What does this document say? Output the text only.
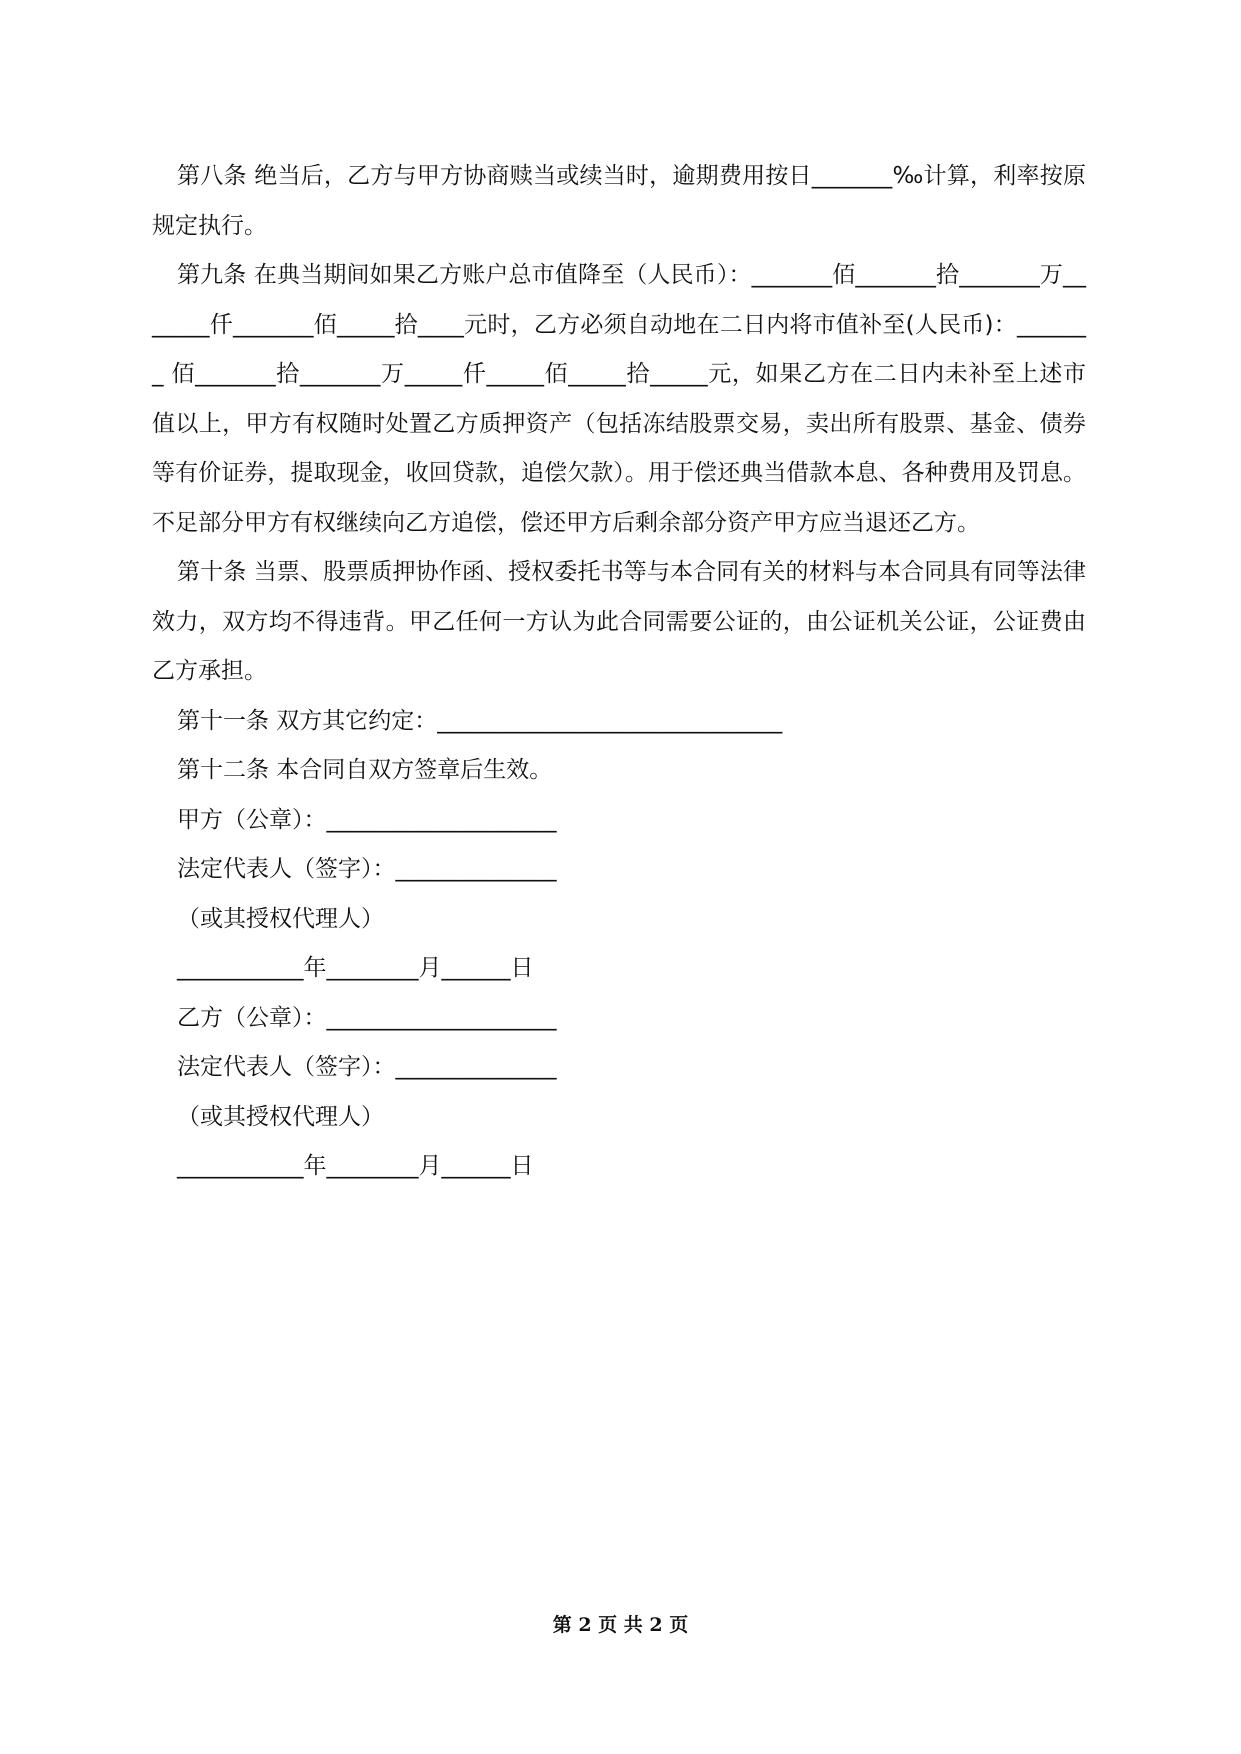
第八条 绝当后，乙方与甲方协商赎当或续当时，逾期费用按日_______‰计算，利率按原规定执行。

第九条 在典当期间如果乙方账户总市值降至（人民币）：_______佰_______拾_______万_______仟_______佰_____拾____元时，乙方必须自动地在二日内将市值补至(人民币)：_______ 佰_______拾_______万_____仟_____佰_____拾_____元，如果乙方在二日内未补至上述市值以上，甲方有权随时处置乙方质押资产（包括冻结股票交易，卖出所有股票、基金、债券等有价证券，提取现金，收回贷款，追偿欠款）。用于偿还典当借款本息、各种费用及罚息。不足部分甲方有权继续向乙方追偿，偿还甲方后剩余部分资产甲方应当退还乙方。

第十条 当票、股票质押协作函、授权委托书等与本合同有关的材料与本合同具有同等法律效力，双方均不得违背。甲乙任何一方认为此合同需要公证的，由公证机关公证，公证费由乙方承担。

第十一条 双方其它约定：______________________________

第十二条 本合同自双方签章后生效。

甲方（公章）：____________________

法定代表人（签字）：______________

（或其授权代理人）

___________年________月______日

乙方（公章）：____________________

法定代表人（签字）：______________

（或其授权代理人）

___________年________月______日

第 2 页 共 2 页
